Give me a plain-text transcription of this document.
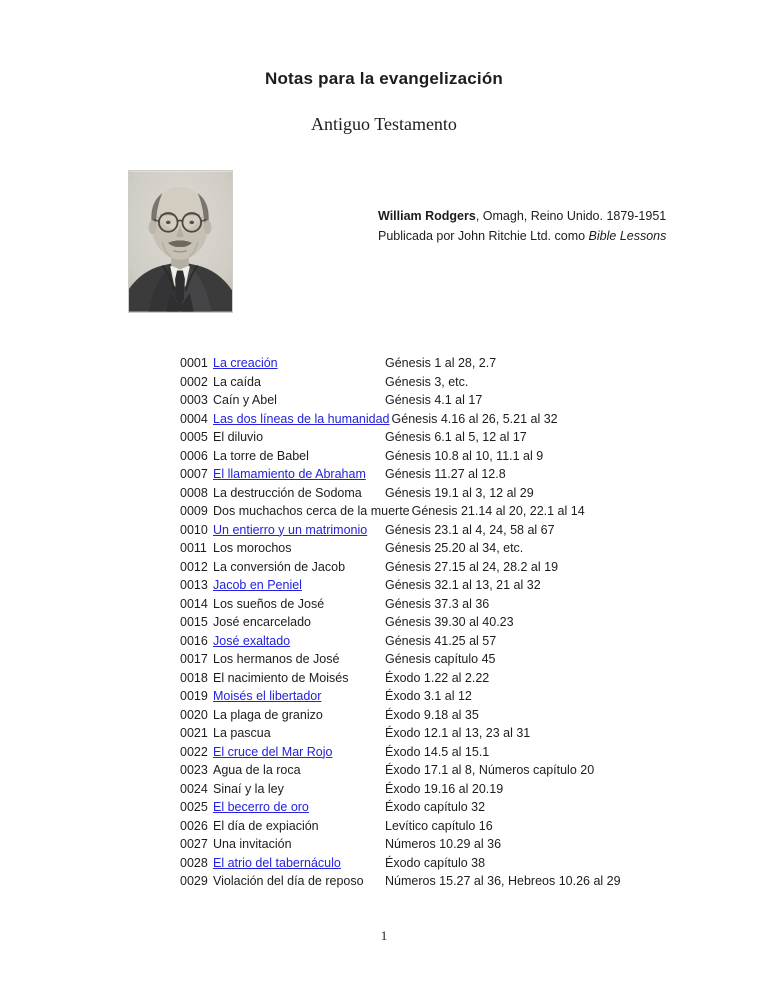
Notas para la evangelización
Antiguo Testamento
William Rodgers, Omagh, Reino Unido. 1879-1951
Publicada por John Ritchie Ltd. como Bible Lessons
0001 La creación	Génesis 1 al 28, 2.7
0002 La caída	Génesis 3, etc.
0003 Caín y Abel	Génesis 4.1 al 17
0004 Las dos líneas de la humanidad Génesis 4.16 al 26, 5.21 al 32
0005 El diluvio	Génesis 6.1 al 5, 12 al 17
0006 La torre de Babel	Génesis 10.8 al 10, 11.1 al 9
0007 El llamamiento de Abraham	Génesis 11.27 al 12.8
0008 La destrucción de Sodoma	Génesis 19.1 al 3, 12 al 29
0009 Dos muchachos cerca de la muerte Génesis 21.14 al 20, 22.1 al 14
0010 Un entierro y un matrimonio	Génesis 23.1 al 4, 24, 58 al 67
0011 Los morochos	Génesis 25.20 al 34, etc.
0012 La conversión de Jacob	Génesis 27.15 al 24, 28.2 al 19
0013 Jacob en Peniel	Génesis 32.1 al 13, 21 al 32
0014 Los sueños de José	Génesis 37.3 al 36
0015 José encarcelado	Génesis 39.30 al 40.23
0016 José exaltado	Génesis 41.25 al 57
0017 Los hermanos de José	Génesis capítulo 45
0018 El nacimiento de Moisés	Éxodo 1.22 al 2.22
0019 Moisés el libertador	Éxodo 3.1 al 12
0020 La plaga de granizo	Éxodo 9.18 al 35
0021 La pascua	Éxodo 12.1 al 13, 23 al 31
0022 El cruce del Mar Rojo	Éxodo 14.5 al 15.1
0023 Agua de la roca	Éxodo 17.1 al 8, Números capítulo 20
0024 Sinaí y la ley	Éxodo 19.16 al 20.19
0025 El becerro de oro	Éxodo capítulo 32
0026 El día de expiación	Levítico capítulo 16
0027 Una invitación	Números 10.29 al 36
0028 El atrio del tabernáculo	Éxodo capítulo 38
0029 Violación del día de reposo	Números 15.27 al 36, Hebreos 10.26 al 29
1
